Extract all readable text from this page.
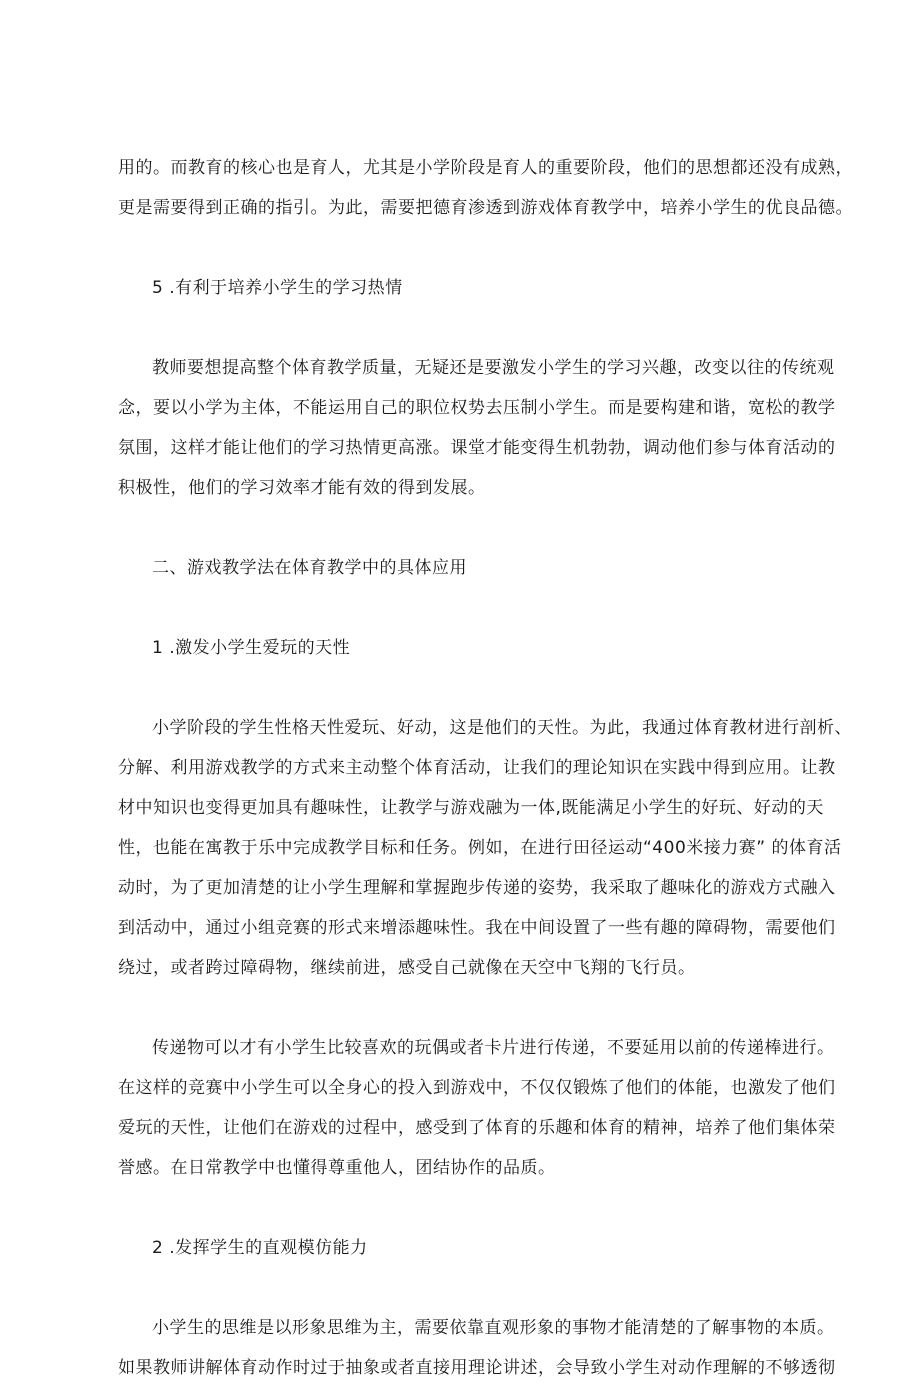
用的。而教育的核心也是育人，尤其是小学阶段是育人的重要阶段，他们的思想都还没有成熟，
更是需要得到正确的指引。为此，需要把德育渗透到游戏体育教学中，培养小学生的优良品德。
5 .有利于培养小学生的学习热情
教师要想提高整个体育教学质量，无疑还是要激发小学生的学习兴趣，改变以往的传统观
念，要以小学为主体，不能运用自己的职位权势去压制小学生。而是要构建和谐，宽松的教学
氛围，这样才能让他们的学习热情更高涨。课堂才能变得生机勃勃，调动他们参与体育活动的
积极性，他们的学习效率才能有效的得到发展。
二、游戏教学法在体育教学中的具体应用
1 .激发小学生爱玩的天性
小学阶段的学生性格天性爱玩、好动，这是他们的天性。为此，我通过体育教材进行剖析、
分解、利用游戏教学的方式来主动整个体育活动，让我们的理论知识在实践中得到应用。让教
材中知识也变得更加具有趣味性，让教学与游戏融为一体,既能满足小学生的好玩、好动的天
性，也能在寓教于乐中完成教学目标和任务。例如，在进行田径运动“400米接力赛” 的体育活
动时，为了更加清楚的让小学生理解和掌握跑步传递的姿势，我采取了趣味化的游戏方式融入
到活动中，通过小组竞赛的形式来增添趣味性。我在中间设置了一些有趣的障碍物，需要他们
绕过，或者跨过障碍物，继续前进，感受自己就像在天空中飞翔的飞行员。
传递物可以才有小学生比较喜欢的玩偶或者卡片进行传递，不要延用以前的传递棒进行。
在这样的竞赛中小学生可以全身心的投入到游戏中，不仅仅锻炼了他们的体能，也激发了他们
爱玩的天性，让他们在游戏的过程中，感受到了体育的乐趣和体育的精神，培养了他们集体荣
誉感。在日常教学中也懂得尊重他人，团结协作的品质。
2 .发挥学生的直观模仿能力
小学生的思维是以形象思维为主，需要依靠直观形象的事物才能清楚的了解事物的本质。
如果教师讲解体育动作时过于抽象或者直接用理论讲述，会导致小学生对动作理解的不够透彻
